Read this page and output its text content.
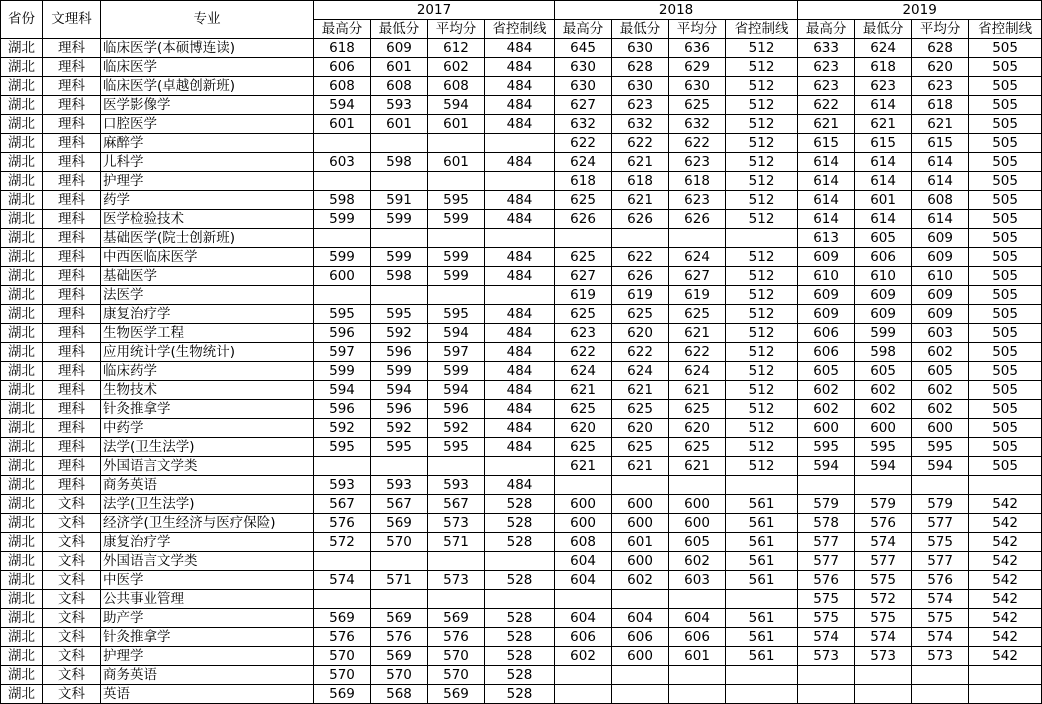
省份	文理科	专业	2017				2018				2019			
			最高分	最低分	平均分	省控制线	最高分	最低分	平均分	省控制线	最高分	最低分	平均分	省控制线
湖北	理科	临床医学(本硕博连读)	618	609	612	484	645	630	636	512	633	624	628	505
湖北	理科	临床医学	606	601	602	484	630	628	629	512	623	618	620	505
湖北	理科	临床医学(卓越创新班)	608	608	608	484	630	630	630	512	623	623	623	505
湖北	理科	医学影像学	594	593	594	484	627	623	625	512	622	614	618	505
湖北	理科	口腔医学	601	601	601	484	632	632	632	512	621	621	621	505
湖北	理科	麻醉学					622	622	622	512	615	615	615	505
湖北	理科	儿科学	603	598	601	484	624	621	623	512	614	614	614	505
湖北	理科	护理学					618	618	618	512	614	614	614	505
湖北	理科	药学	598	591	595	484	625	621	623	512	614	601	608	505
湖北	理科	医学检验技术	599	599	599	484	626	626	626	512	614	614	614	505
湖北	理科	基础医学(院士创新班)									613	605	609	505
湖北	理科	中西医临床医学	599	599	599	484	625	622	624	512	609	606	609	505
湖北	理科	基础医学	600	598	599	484	627	626	627	512	610	610	610	505
湖北	理科	法医学					619	619	619	512	609	609	609	505
湖北	理科	康复治疗学	595	595	595	484	625	625	625	512	609	609	609	505
湖北	理科	生物医学工程	596	592	594	484	623	620	621	512	606	599	603	505
湖北	理科	应用统计学(生物统计)	597	596	597	484	622	622	622	512	606	598	602	505
湖北	理科	临床药学	599	599	599	484	624	624	624	512	605	605	605	505
湖北	理科	生物技术	594	594	594	484	621	621	621	512	602	602	602	505
湖北	理科	针灸推拿学	596	596	596	484	625	625	625	512	602	602	602	505
湖北	理科	中药学	592	592	592	484	620	620	620	512	600	600	600	505
湖北	理科	法学(卫生法学)	595	595	595	484	625	625	625	512	595	595	595	505
湖北	理科	外国语言文学类					621	621	621	512	594	594	594	505
湖北	理科	商务英语	593	593	593	484								
湖北	文科	法学(卫生法学)	567	567	567	528	600	600	600	561	579	579	579	542
湖北	文科	经济学(卫生经济与医疗保险)	576	569	573	528	600	600	600	561	578	576	577	542
湖北	文科	康复治疗学	572	570	571	528	608	601	605	561	577	574	575	542
湖北	文科	外国语言文学类					604	600	602	561	577	577	577	542
湖北	文科	中医学	574	571	573	528	604	602	603	561	576	575	576	542
湖北	文科	公共事业管理									575	572	574	542
湖北	文科	助产学	569	569	569	528	604	604	604	561	575	575	575	542
湖北	文科	针灸推拿学	576	576	576	528	606	606	606	561	574	574	574	542
湖北	文科	护理学	570	569	570	528	602	600	601	561	573	573	573	542
湖北	文科	商务英语	570	570	570	528								
湖北	文科	英语	569	568	569	528								
